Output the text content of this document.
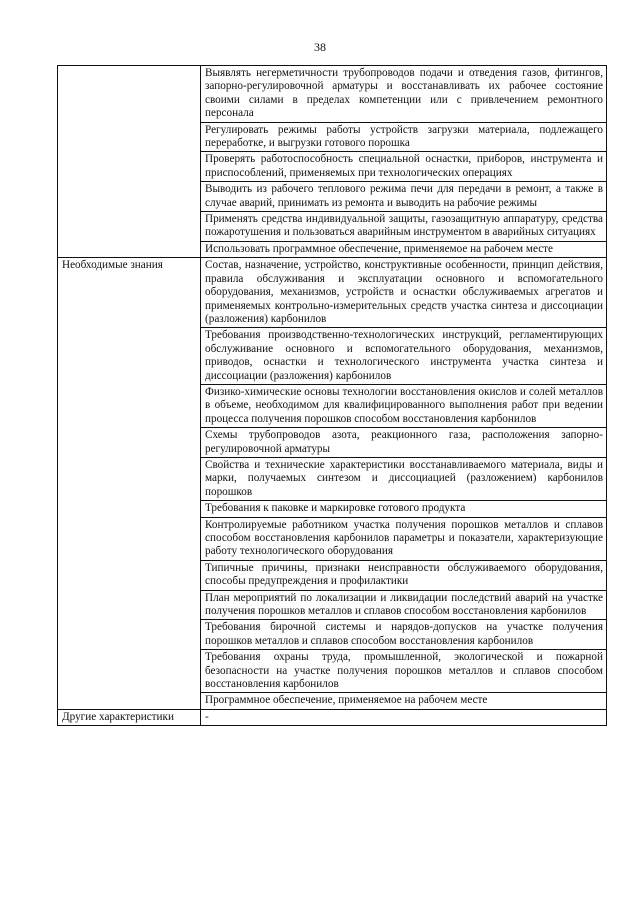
38
	Выявлять негерметичности трубопроводов подачи и отведения газов, фитингов, запорно-регулировочной арматуры и восстанавливать их рабочее состояние своими силами в пределах компетенции или с привлечением ремонтного персонала
	Регулировать режимы работы устройств загрузки материала, подлежащего переработке, и выгрузки готового порошка
	Проверять работоспособность специальной оснастки, приборов, инструмента и приспособлений, применяемых при технологических операциях
	Выводить из рабочего теплового режима печи для передачи в ремонт, а также в случае аварий, принимать из ремонта и выводить на рабочие режимы
	Применять средства индивидуальной защиты, газозащитную аппаратуру, средства пожаротушения и пользоваться аварийным инструментом в аварийных ситуациях
	Использовать программное обеспечение, применяемое на рабочем месте
Необходимые знания	Состав, назначение, устройство, конструктивные особенности, принцип действия, правила обслуживания и эксплуатации основного и вспомогательного оборудования, механизмов, устройств и оснастки обслуживаемых агрегатов и применяемых контрольно-измерительных средств участка синтеза и диссоциации (разложения) карбонилов
	Требования производственно-технологических инструкций, регламентирующих обслуживание основного и вспомогательного оборудования, механизмов, приводов, оснастки и технологического инструмента участка синтеза и диссоциации (разложения) карбонилов
	Физико-химические основы технологии восстановления окислов и солей металлов в объеме, необходимом для квалифицированного выполнения работ при ведении процесса получения порошков способом восстановления карбонилов
	Схемы трубопроводов азота, реакционного газа, расположения запорно-регулировочной арматуры
	Свойства и технические характеристики восстанавливаемого материала, виды и марки, получаемых синтезом и диссоциацией (разложением) карбонилов порошков
	Требования к паковке и маркировке готового продукта
	Контролируемые работником участка получения порошков металлов и сплавов способом восстановления карбонилов параметры и показатели, характеризующие работу технологического оборудования
	Типичные причины, признаки неисправности обслуживаемого оборудования, способы предупреждения и профилактики
	План мероприятий по локализации и ликвидации последствий аварий на участке получения порошков металлов и сплавов способом восстановления карбонилов
	Требования бирочной системы и нарядов-допусков на участке получения порошков металлов и сплавов способом восстановления карбонилов
	Требования охраны труда, промышленной, экологической и пожарной безопасности на участке получения порошков металлов и сплавов способом восстановления карбонилов
	Программное обеспечение, применяемое на рабочем месте
Другие характеристики	-
